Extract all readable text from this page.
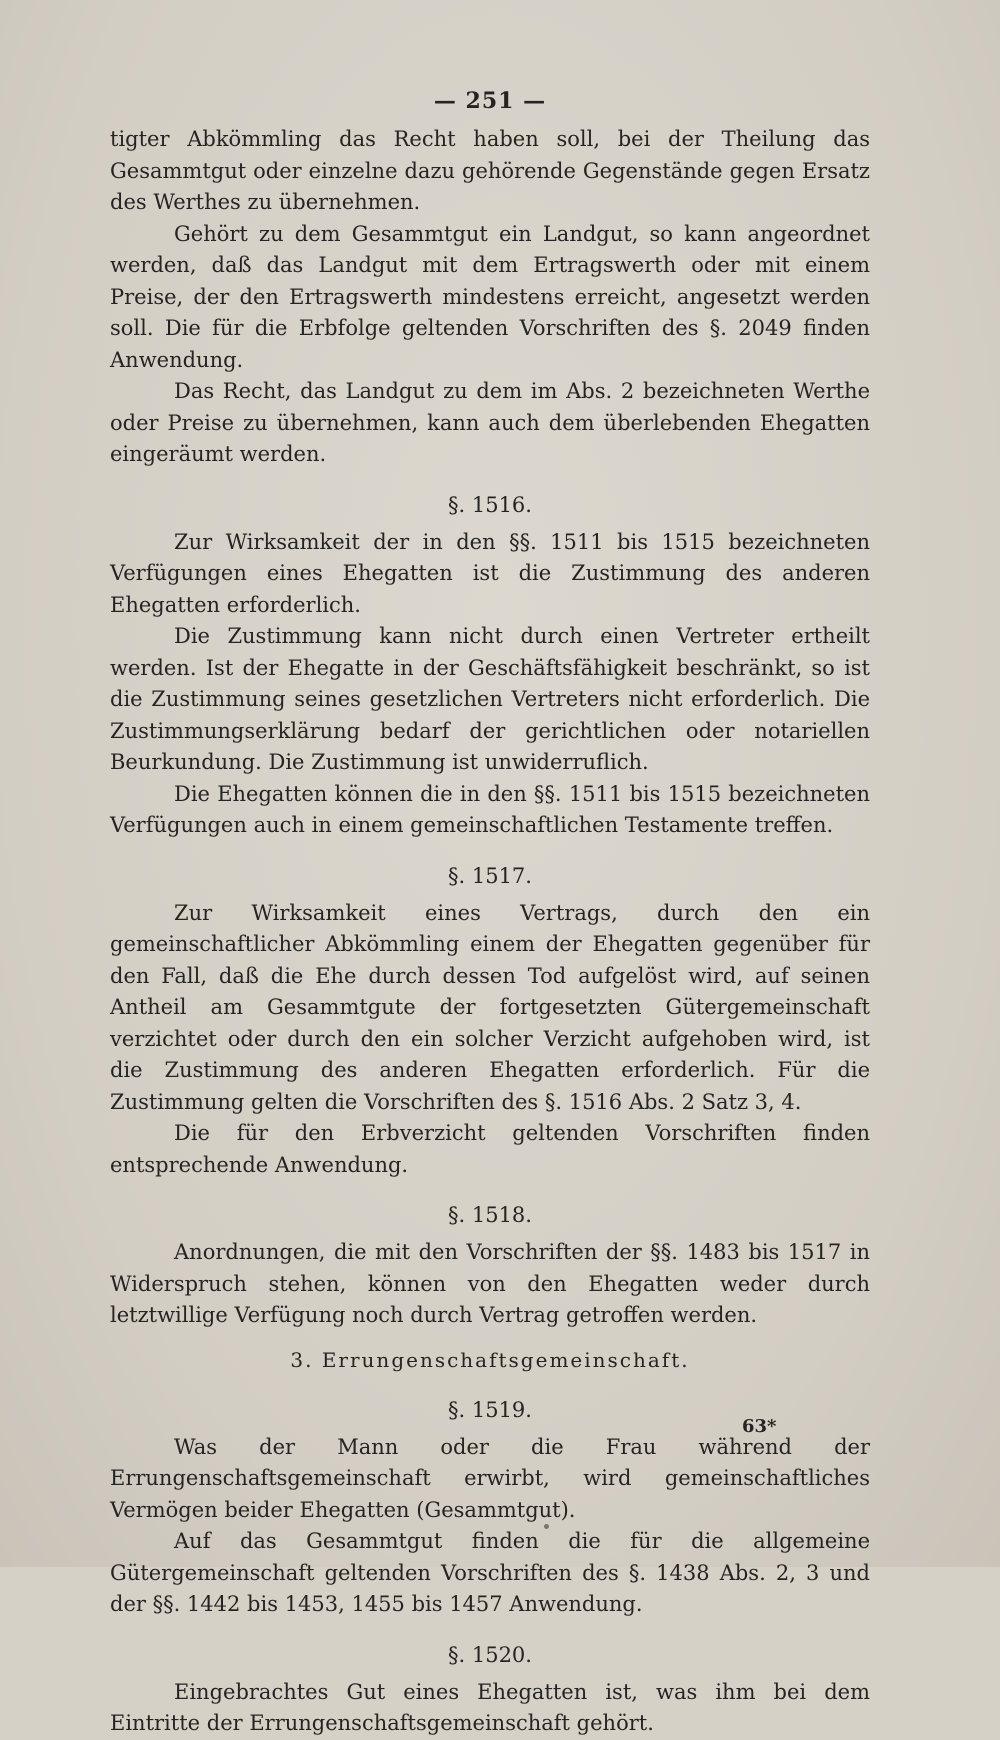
— 251 —

tigter Abkömmling das Recht haben soll, bei der Theilung das Gesammtgut oder einzelne dazu gehörende Gegenstände gegen Ersatz des Werthes zu übernehmen.

Gehört zu dem Gesammtgut ein Landgut, so kann angeordnet werden, daß das Landgut mit dem Ertragswerth oder mit einem Preise, der den Ertragswerth mindestens erreicht, angesetzt werden soll. Die für die Erbfolge geltenden Vorschriften des §. 2049 finden Anwendung.

Das Recht, das Landgut zu dem im Abs. 2 bezeichneten Werthe oder Preise zu übernehmen, kann auch dem überlebenden Ehegatten eingeräumt werden.

§. 1516.

Zur Wirksamkeit der in den §§. 1511 bis 1515 bezeichneten Verfügungen eines Ehegatten ist die Zustimmung des anderen Ehegatten erforderlich.

Die Zustimmung kann nicht durch einen Vertreter ertheilt werden. Ist der Ehegatte in der Geschäftsfähigkeit beschränkt, so ist die Zustimmung seines gesetzlichen Vertreters nicht erforderlich. Die Zustimmungserklärung bedarf der gerichtlichen oder notariellen Beurkundung. Die Zustimmung ist unwiderruflich.

Die Ehegatten können die in den §§. 1511 bis 1515 bezeichneten Verfügungen auch in einem gemeinschaftlichen Testamente treffen.

§. 1517.

Zur Wirksamkeit eines Vertrags, durch den ein gemeinschaftlicher Abkömmling einem der Ehegatten gegenüber für den Fall, daß die Ehe durch dessen Tod aufgelöst wird, auf seinen Antheil am Gesammtgute der fortgesetzten Gütergemeinschaft verzichtet oder durch den ein solcher Verzicht aufgehoben wird, ist die Zustimmung des anderen Ehegatten erforderlich. Für die Zustimmung gelten die Vorschriften des §. 1516 Abs. 2 Satz 3, 4.

Die für den Erbverzicht geltenden Vorschriften finden entsprechende Anwendung.

§. 1518.

Anordnungen, die mit den Vorschriften der §§. 1483 bis 1517 in Widerspruch stehen, können von den Ehegatten weder durch letztwillige Verfügung noch durch Vertrag getroffen werden.

3. Errungenschaftsgemeinschaft.
§. 1519.

Was der Mann oder die Frau während der Errungenschaftsgemeinschaft erwirbt, wird gemeinschaftliches Vermögen beider Ehegatten (Gesammtgut).

Auf das Gesammtgut finden die für die allgemeine Gütergemeinschaft geltenden Vorschriften des §. 1438 Abs. 2, 3 und der §§. 1442 bis 1453, 1455 bis 1457 Anwendung.

§. 1520.

Eingebrachtes Gut eines Ehegatten ist, was ihm bei dem Eintritte der Errungenschaftsgemeinschaft gehört.

63*
